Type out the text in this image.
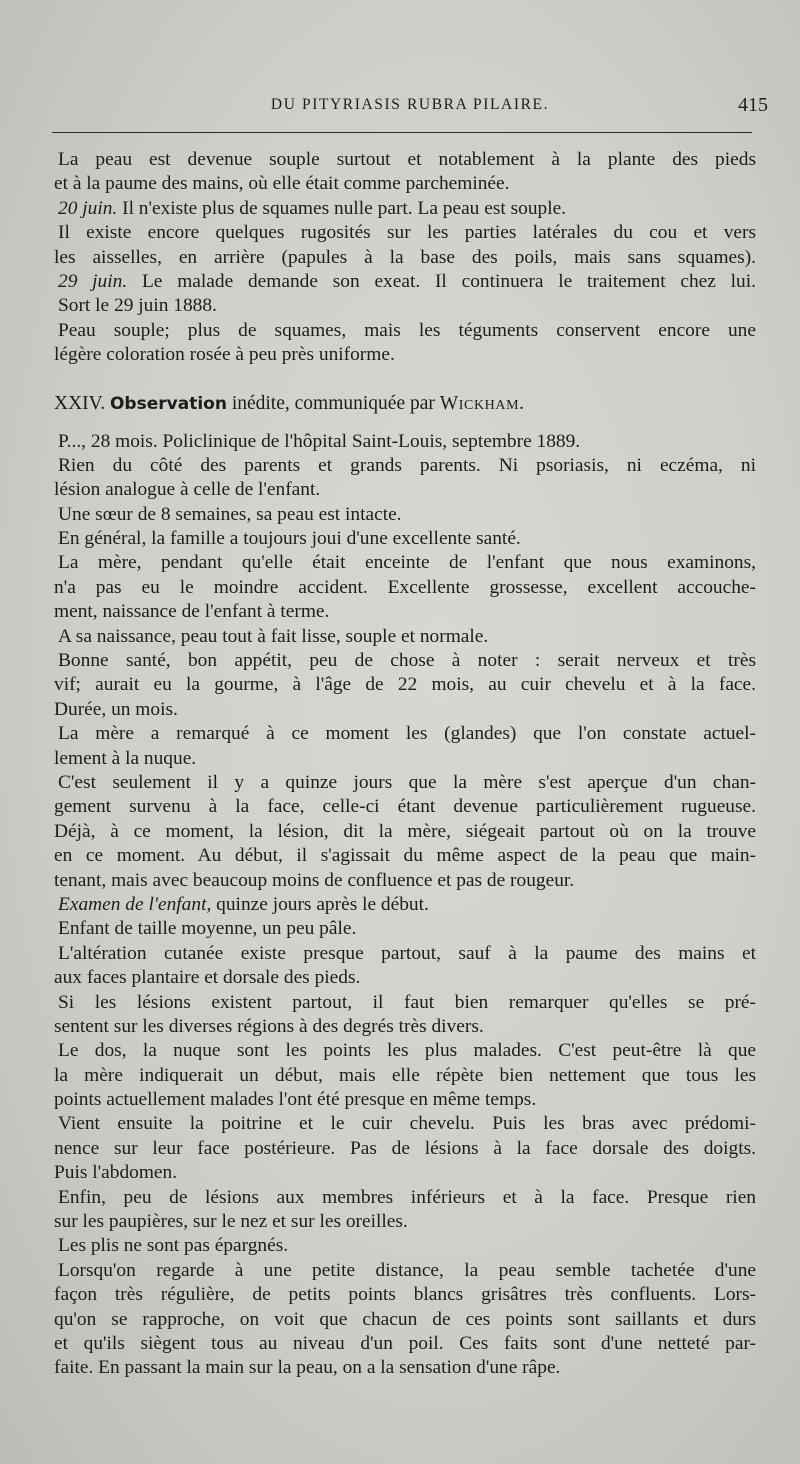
DU PITYRIASIS RUBRA PILAIRE.	415
La peau est devenue souple surtout et notablement à la plante des pieds
et à la paume des mains, où elle était comme parcheminée.
20 juin. Il n'existe plus de squames nulle part. La peau est souple.
Il existe encore quelques rugosités sur les parties latérales du cou et vers
les aisselles, en arrière (papules à la base des poils, mais sans squames).
29 juin. Le malade demande son exeat. Il continuera le traitement chez lui.
Sort le 29 juin 1888.
Peau souple; plus de squames, mais les téguments conservent encore une
légère coloration rosée à peu près uniforme.
XXIV. Observation inédite, communiquée par Wickham.
P..., 28 mois. Policlinique de l'hôpital Saint-Louis, septembre 1889.
Rien du côté des parents et grands parents. Ni psoriasis, ni eczéma, ni
lésion analogue à celle de l'enfant.
Une sœur de 8 semaines, sa peau est intacte.
En général, la famille a toujours joui d'une excellente santé.
La mère, pendant qu'elle était enceinte de l'enfant que nous examinons,
n'a pas eu le moindre accident. Excellente grossesse, excellent accouche-
ment, naissance de l'enfant à terme.
A sa naissance, peau tout à fait lisse, souple et normale.
Bonne santé, bon appétit, peu de chose à noter : serait nerveux et très
vif; aurait eu la gourme, à l'âge de 22 mois, au cuir chevelu et à la face.
Durée, un mois.
La mère a remarqué à ce moment les (glandes) que l'on constate actuel-
lement à la nuque.
C'est seulement il y a quinze jours que la mère s'est aperçue d'un chan-
gement survenu à la face, celle-ci étant devenue particulièrement rugueuse.
Déjà, à ce moment, la lésion, dit la mère, siégeait partout où on la trouve
en ce moment. Au début, il s'agissait du même aspect de la peau que main-
tenant, mais avec beaucoup moins de confluence et pas de rougeur.
Examen de l'enfant, quinze jours après le début.
Enfant de taille moyenne, un peu pâle.
L'altération cutanée existe presque partout, sauf à la paume des mains et
aux faces plantaire et dorsale des pieds.
Si les lésions existent partout, il faut bien remarquer qu'elles se pré-
sentent sur les diverses régions à des degrés très divers.
Le dos, la nuque sont les points les plus malades. C'est peut-être là que
la mère indiquerait un début, mais elle répète bien nettement que tous les
points actuellement malades l'ont été presque en même temps.
Vient ensuite la poitrine et le cuir chevelu. Puis les bras avec prédomi-
nence sur leur face postérieure. Pas de lésions à la face dorsale des doigts.
Puis l'abdomen.
Enfin, peu de lésions aux membres inférieurs et à la face. Presque rien
sur les paupières, sur le nez et sur les oreilles.
Les plis ne sont pas épargnés.
Lorsqu'on regarde à une petite distance, la peau semble tachetée d'une
façon très régulière, de petits points blancs grisâtres très confluents. Lors-
qu'on se rapproche, on voit que chacun de ces points sont saillants et durs
et qu'ils siègent tous au niveau d'un poil. Ces faits sont d'une netteté par-
faite. En passant la main sur la peau, on a la sensation d'une râpe.
